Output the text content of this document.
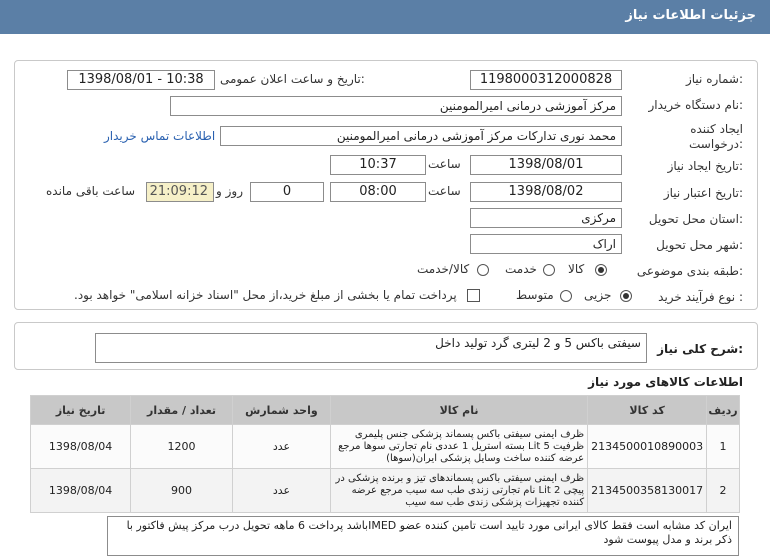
جزئیات اطلاعات نیاز
شماره نیاز:
1198000312000828
تاریخ و ساعت اعلان عمومی:
1398/08/01 - 10:38
نام دستگاه خریدار:
مرکز آموزشی درمانی امیرالمومنین
ایجاد کننده
درخواست:
محمد نوری تدارکات مرکز آموزشی درمانی امیرالمومنین
اطلاعات تماس خریدار
تاریخ ایجاد نیاز:
1398/08/01
ساعت
10:37
تاریخ اعتبار نیاز:
1398/08/02
ساعت
08:00
0
روز و
21:09:12
ساعت باقی مانده
استان محل تحویل:
مرکزی
شهر محل تحویل:
اراک
طبقه بندی موضوعی:
کالا
خدمت
کالا/خدمت
نوع فرآیند خرید :
جزیی
متوسط
پرداخت تمام یا بخشی از مبلغ خرید،از محل "اسناد خزانه اسلامی" خواهد بود.
شرح کلی نیاز:
سیفتی باکس 5 و 2 لیتری گرد تولید داخل
اطلاعات کالاهای مورد نیاز
ردیف	کد کالا	نام کالا	واحد شمارش	تعداد / مقدار	تاریخ نیاز
1	2134500010890003	ظرف ایمنی سیفتی باکس پسماند پزشکی جنس پلیمری ظرفیت Lit 5 بسته استریل 1 عددی نام تجارتی سوها مرجع عرضه کننده ساخت وسایل پزشکی ایران(سوها)	عدد	1200	1398/08/04
2	2134500358130017	ظرف ایمنی سیفتی باکس پسماندهای تیز و برنده پزشکی در پیچی Lit 2 نام تجارتی زندی طب سه سیب مرجع عرضه کننده تجهیزات پزشکی زندی طب سه سیب	عدد	900	1398/08/04
ایران کد مشابه است فقط کالای ایرانی مورد تایید است تامین کننده عضو IMEDباشد پرداخت 6 ماهه تحویل درب مرکز پیش فاکتور با ذکر برند و مدل پیوست شود
